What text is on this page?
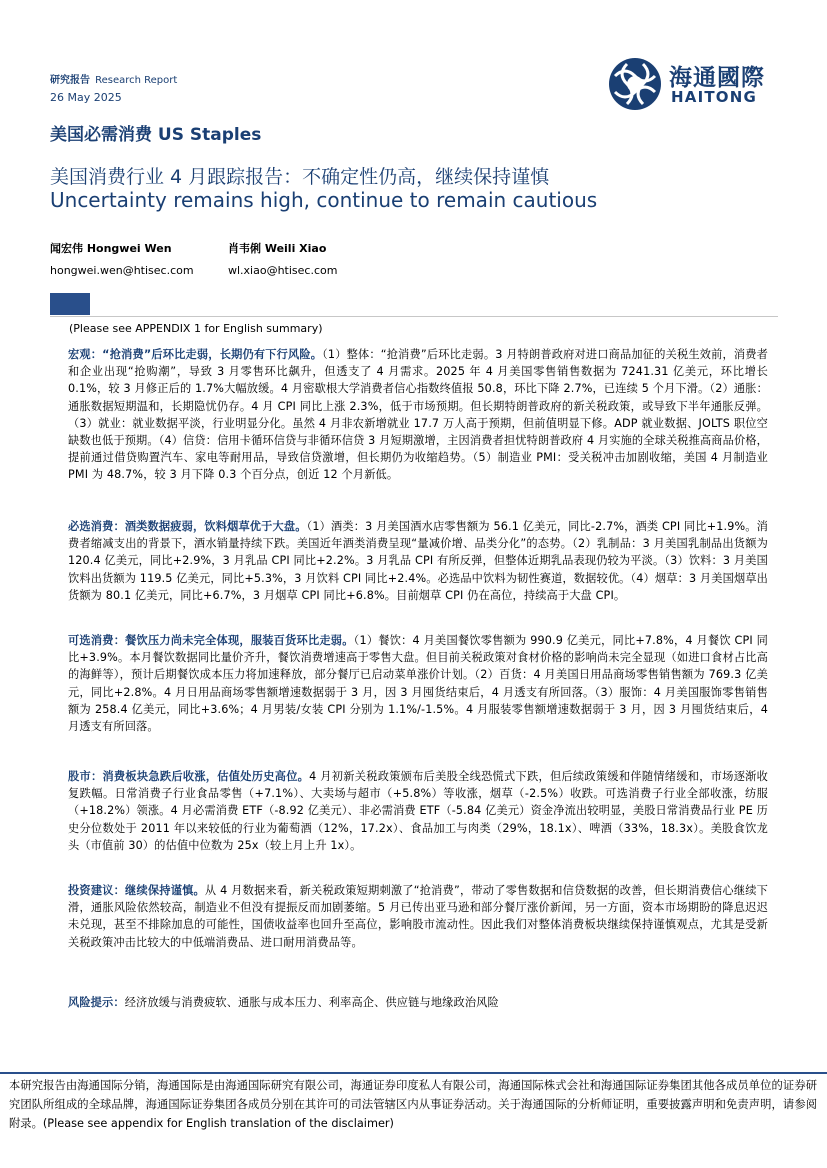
研究报告 Research Report
26 May 2025
海通國際
HAITONG
美国必需消费 US Staples
美国消费行业 4 月跟踪报告：不确定性仍高，继续保持谨慎
Uncertainty remains high, continue to remain cautious
闻宏伟 Hongwei Wen
hongwei.wen@htisec.com
肖韦俐 Weili Xiao
wl.xiao@htisec.com
(Please see APPENDIX 1 for English summary)
宏观：“抢消费”后环比走弱，长期仍有下行风险。（1）整体：“抢消费”后环比走弱。3 月特朗普政府对进口商品加征的关税生效前，消费者和企业出现“抢购潮”，导致 3 月零售环比飙升，但透支了 4 月需求。2025 年 4 月美国零售销售数据为 7241.31 亿美元，环比增长 0.1%，较 3 月修正后的 1.7%大幅放缓。4 月密歇根大学消费者信心指数终值报 50.8，环比下降 2.7%，已连续 5 个月下滑。（2）通胀：通胀数据短期温和，长期隐忧仍存。4 月 CPI 同比上涨 2.3%，低于市场预期。但长期特朗普政府的新关税政策，或导致下半年通胀反弹。（3）就业：就业数据平淡，行业明显分化。虽然 4 月非农新增就业 17.7 万人高于预期，但前值明显下修。ADP 就业数据、JOLTS 职位空缺数也低于预期。（4）信贷：信用卡循环信贷与非循环信贷 3 月短期激增，主因消费者担忧特朗普政府 4 月实施的全球关税推高商品价格，提前通过借贷购置汽车、家电等耐用品，导致信贷激增，但长期仍为收缩趋势。（5）制造业 PMI：受关税冲击加剧收缩，美国 4 月制造业 PMI 为 48.7%，较 3 月下降 0.3 个百分点，创近 12 个月新低。
必选消费：酒类数据疲弱，饮料烟草优于大盘。（1）酒类：3 月美国酒水店零售额为 56.1 亿美元，同比-2.7%，酒类 CPI 同比+1.9%。消费者缩减支出的背景下，酒水销量持续下跌。美国近年酒类消费呈现“量减价增、品类分化”的态势。（2）乳制品：3 月美国乳制品出货额为 120.4 亿美元，同比+2.9%，3 月乳品 CPI 同比+2.2%。3 月乳品 CPI 有所反弹，但整体近期乳品表现仍较为平淡。（3）饮料：3 月美国饮料出货额为 119.5 亿美元，同比+5.3%，3 月饮料 CPI 同比+2.4%。必选品中饮料为韧性赛道，数据较优。（4）烟草：3 月美国烟草出货额为 80.1 亿美元，同比+6.7%，3 月烟草 CPI 同比+6.8%。目前烟草 CPI 仍在高位，持续高于大盘 CPI。
可选消费：餐饮压力尚未完全体现，服装百货环比走弱。（1）餐饮：4 月美国餐饮零售额为 990.9 亿美元，同比+7.8%，4 月餐饮 CPI 同比+3.9%。本月餐饮数据同比量价齐升，餐饮消费增速高于零售大盘。但目前关税政策对食材价格的影响尚未完全显现（如进口食材占比高的海鲜等），预计后期餐饮成本压力将加速释放，部分餐厅已启动菜单涨价计划。（2）百货：4 月美国日用品商场零售销售额为 769.3 亿美元，同比+2.8%。4 月日用品商场零售额增速数据弱于 3 月，因 3 月囤货结束后，4 月透支有所回落。（3）服饰：4 月美国服饰零售销售额为 258.4 亿美元，同比+3.6%；4 月男装/女装 CPI 分别为 1.1%/-1.5%。4 月服装零售额增速数据弱于 3 月，因 3 月囤货结束后，4 月透支有所回落。
股市：消费板块急跌后收涨，估值处历史高位。4 月初新关税政策颁布后美股全线恐慌式下跌，但后续政策缓和伴随情绪缓和，市场逐渐收复跌幅。日常消费子行业食品零售（+7.1%）、大卖场与超市（+5.8%）等收涨，烟草（-2.5%）收跌。可选消费子行业全部收涨，纺服（+18.2%）领涨。4 月必需消费 ETF（-8.92 亿美元）、非必需消费 ETF（-5.84 亿美元）资金净流出较明显，美股日常消费品行业 PE 历史分位数处于 2011 年以来较低的行业为葡萄酒（12%，17.2x）、食品加工与肉类（29%，18.1x）、啤酒（33%，18.3x）。美股食饮龙头（市值前 30）的估值中位数为 25x（较上月上升 1x）。
投资建议：继续保持谨慎。从 4 月数据来看，新关税政策短期刺激了“抢消费”，带动了零售数据和信贷数据的改善，但长期消费信心继续下滑，通胀风险依然较高，制造业不但没有提振反而加剧萎缩。5 月已传出亚马逊和部分餐厅涨价新闻，另一方面，资本市场期盼的降息迟迟未兑现，甚至不排除加息的可能性，国债收益率也回升至高位，影响股市流动性。因此我们对整体消费板块继续保持谨慎观点，尤其是受新关税政策冲击比较大的中低端消费品、进口耐用消费品等。
风险提示：经济放缓与消费疲软、通胀与成本压力、利率高企、供应链与地缘政治风险
本研究报告由海通国际分销，海通国际是由海通国际研究有限公司，海通证券印度私人有限公司，海通国际株式会社和海通国际证券集团其他各成员单位的证券研究团队所组成的全球品牌，海通国际证券集团各成员分别在其许可的司法管辖区内从事证券活动。关于海通国际的分析师证明，重要披露声明和免责声明，请参阅附录。(Please see appendix for English translation of the disclaimer)
